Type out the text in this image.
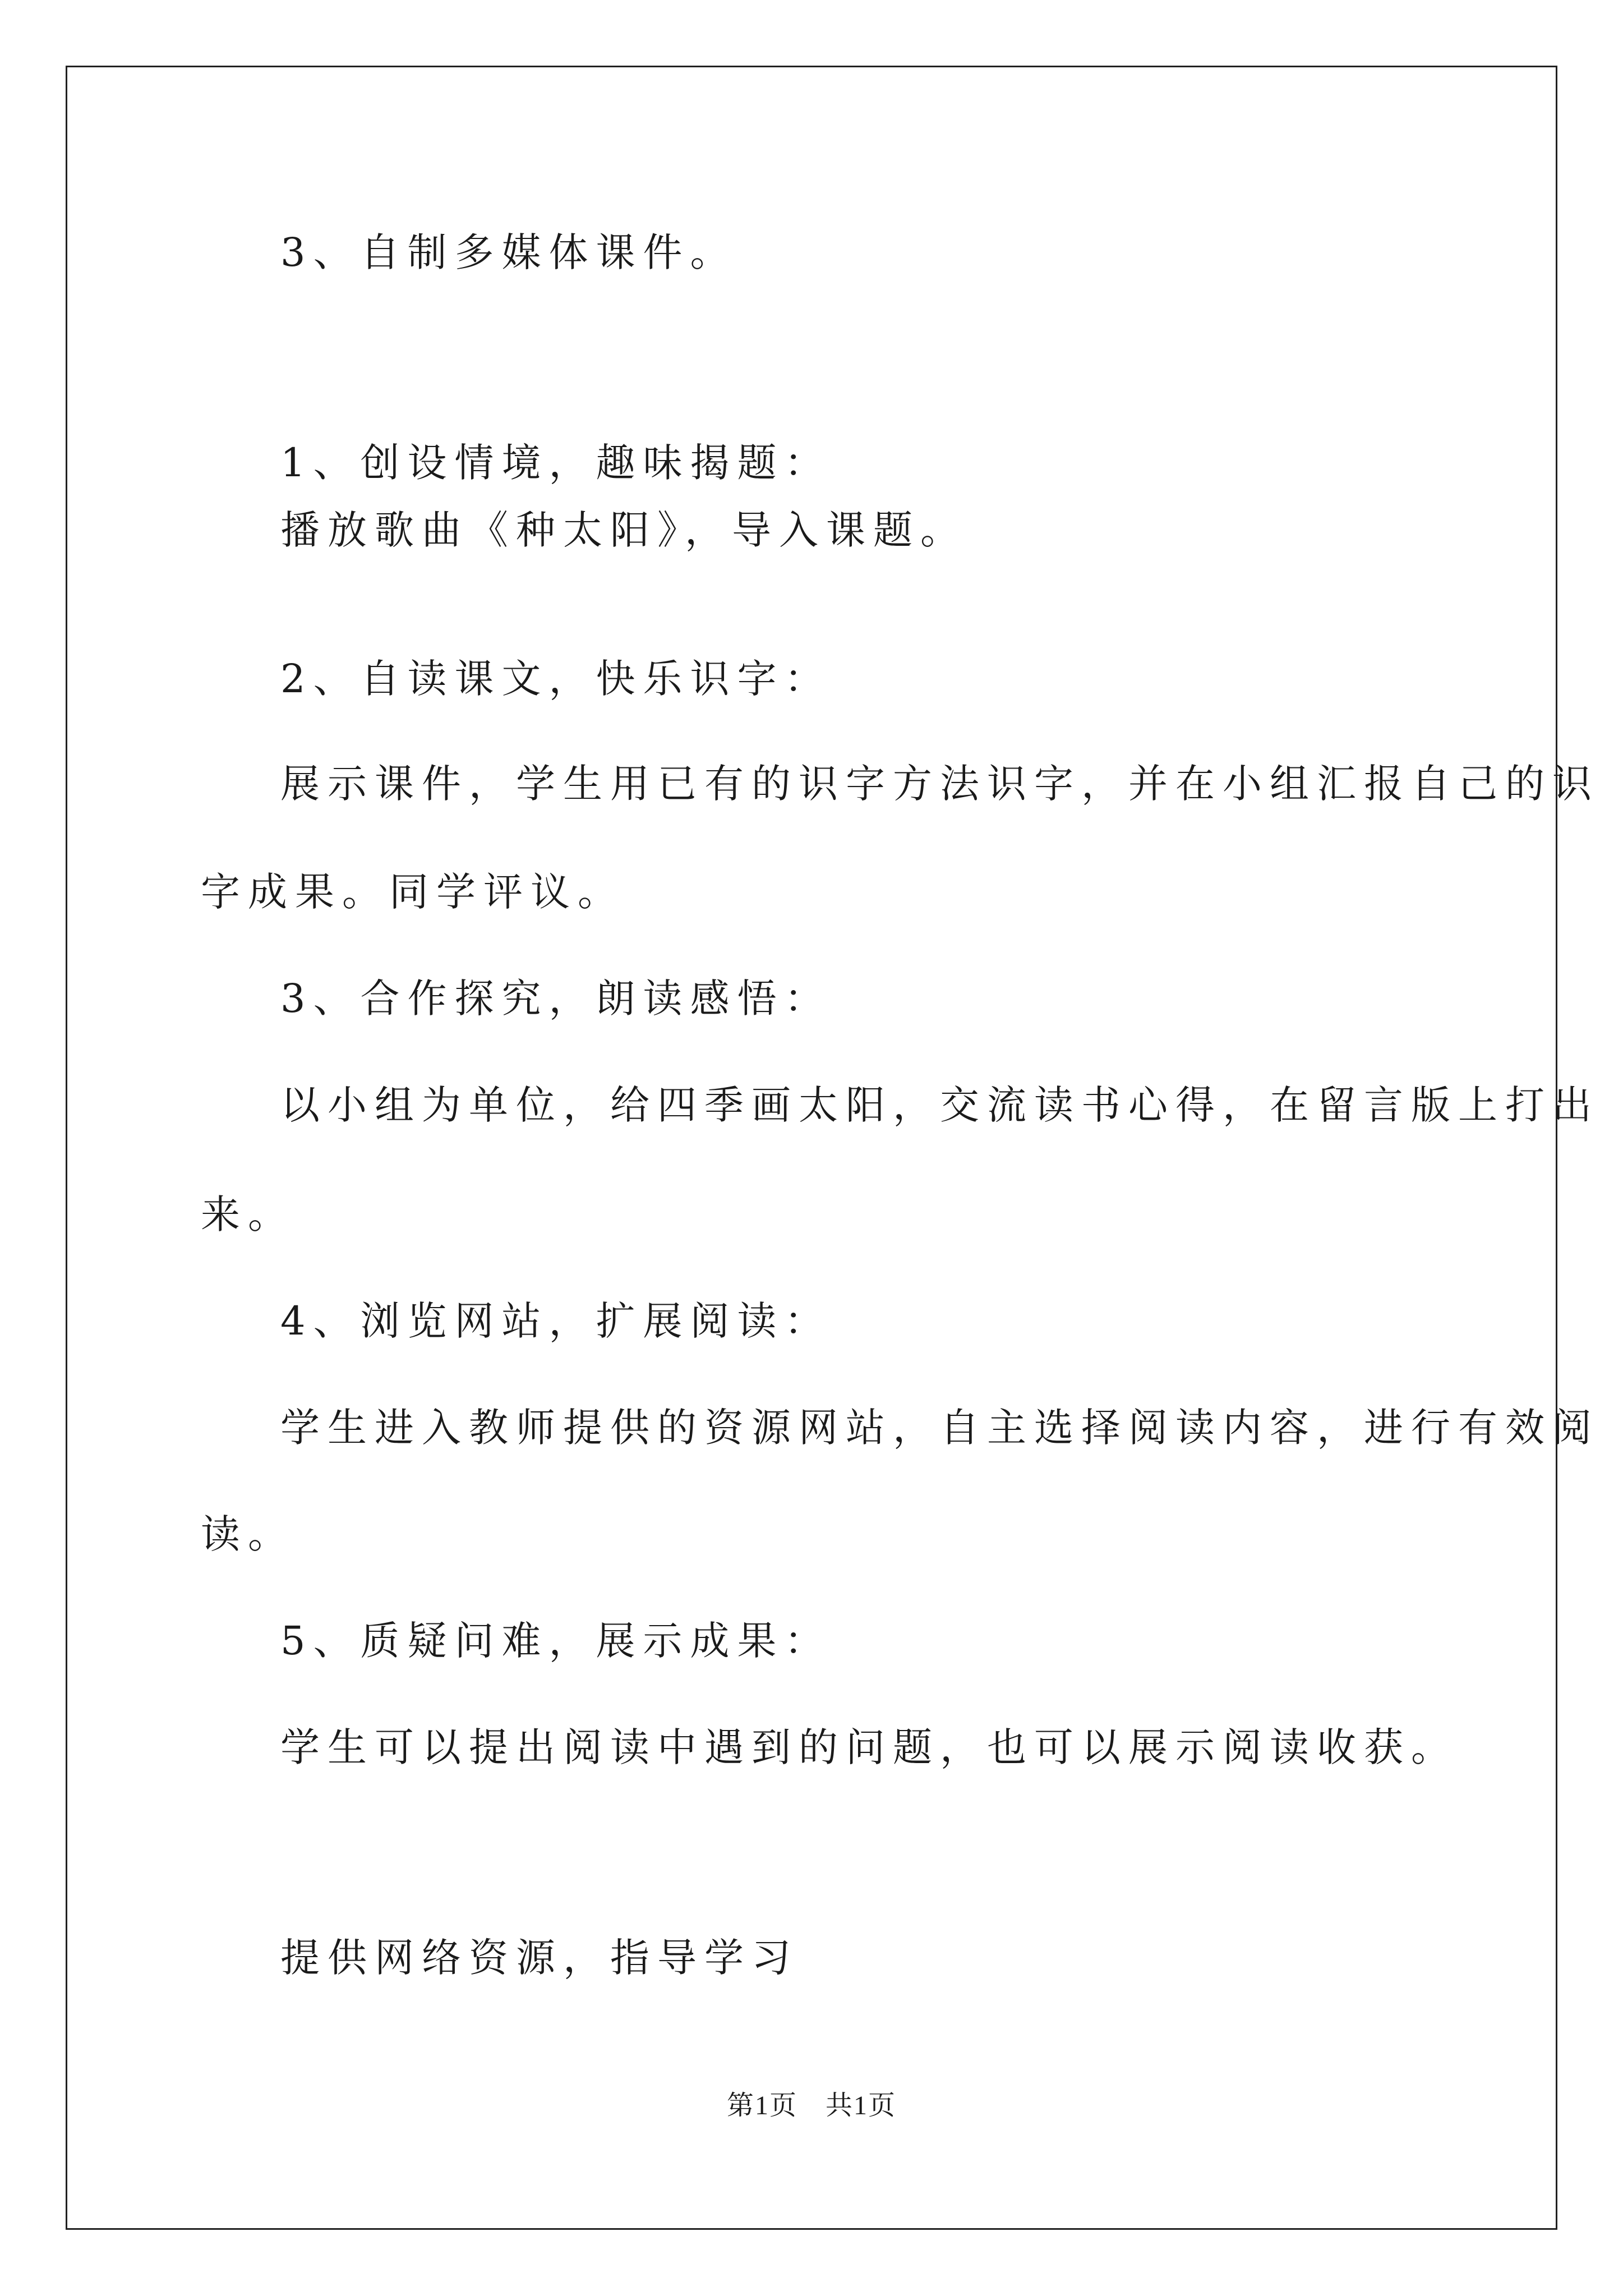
3、自制多媒体课件。
1、创设情境，趣味揭题：
播放歌曲《种太阳》，导入课题。
2、自读课文，快乐识字：
展示课件，学生用已有的识字方法识字，并在小组汇报自己的识
字成果。同学评议。
3、合作探究，朗读感悟：
以小组为单位，给四季画太阳，交流读书心得，在留言版上打出
来。
4、浏览网站，扩展阅读：
学生进入教师提供的资源网站，自主选择阅读内容，进行有效阅
读。
5、质疑问难，展示成果：
学生可以提出阅读中遇到的问题，也可以展示阅读收获。
提供网络资源，指导学习
第1页 共1页
